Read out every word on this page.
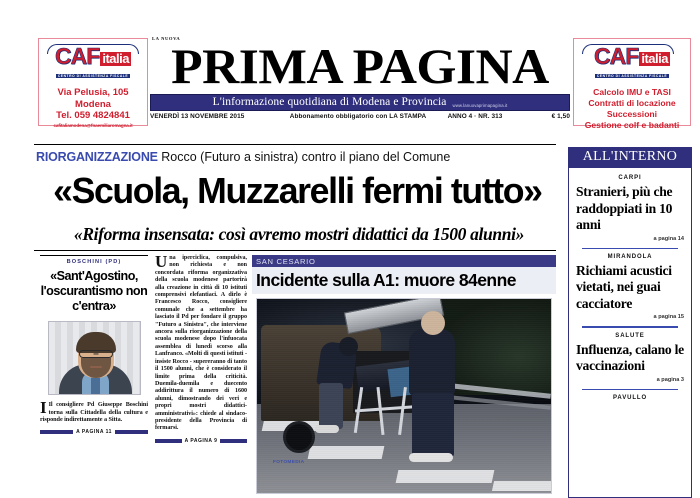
CAF italia
CENTRO DI ASSISTENZA FISCALE
Via Pelusia, 105
Modena
Tel. 059 4824841
cafitaliamodena@fnaemiliaromagna.it
LA NUOVA
PRIMA PAGINA
L'informazione quotidiana di Modena e Provincia www.lanuovaprimapagina.it
VENERDÌ 13 NOVEMBRE 2015	Abbonamento obbligatorio con LA STAMPA	ANNO 4 · NR. 313	€ 1,50
CAF italia
CENTRO DI ASSISTENZA FISCALE
Calcolo IMU e TASI
Contratti di locazione
Successioni
Gestione colf e badanti
RIORGANIZZAZIONE Rocco (Futuro a sinistra) contro il piano del Comune
«Scuola, Muzzarelli fermi tutto»
«Riforma insensata: così avremo mostri didattici da 1500 alunni»
BOSCHINI (PD)
«Sant'Agostino, l'oscurantismo non c'entra»
I Il consigliere Pd Giuseppe Boschini torna sulla Cittadella della cultura e risponde indirettamente a Sitta.
A PAGINA 11
Una iperciclica, compulsiva, non richiesta e non concordata riforma organizzativa della scuola modenese partorirà alla creazione in città di 10 istituti comprensivi elefantiaci. A dirlo è Francesco Rocco, consigliere comunale che a settembre ha lasciato il Pd per fondare il gruppo "Futuro a Sinistra", che interviene ancora sulla riorganizzazione della scuola modenese dopo l'infuocata assemblea di lunedì scorso alla Lanfranco. «Molti di questi istituti - insiste Rocco - supereranno di tanto il 1500 alunni, che è considerato il limite prima della criticità. Duemila-duemila e duecento addirittura il numero di 1600 alunni, dimostrando dei veri e propri mostri didattici-amministrativi»: chiede al sindaco-presidente della Provincia di fermarsi.
A PAGINA 9
SAN CESARIO
Incidente sulla A1: muore 84enne
FOTOMEDIA
ALL'INTERNO
CARPI
Stranieri, più che raddoppiati in 10 anni
a pagina 14
MIRANDOLA
Richiami acustici vietati, nei guai cacciatore
a pagina 15
SALUTE
Influenza, calano le vaccinazioni
a pagina 3
PAVULLO
